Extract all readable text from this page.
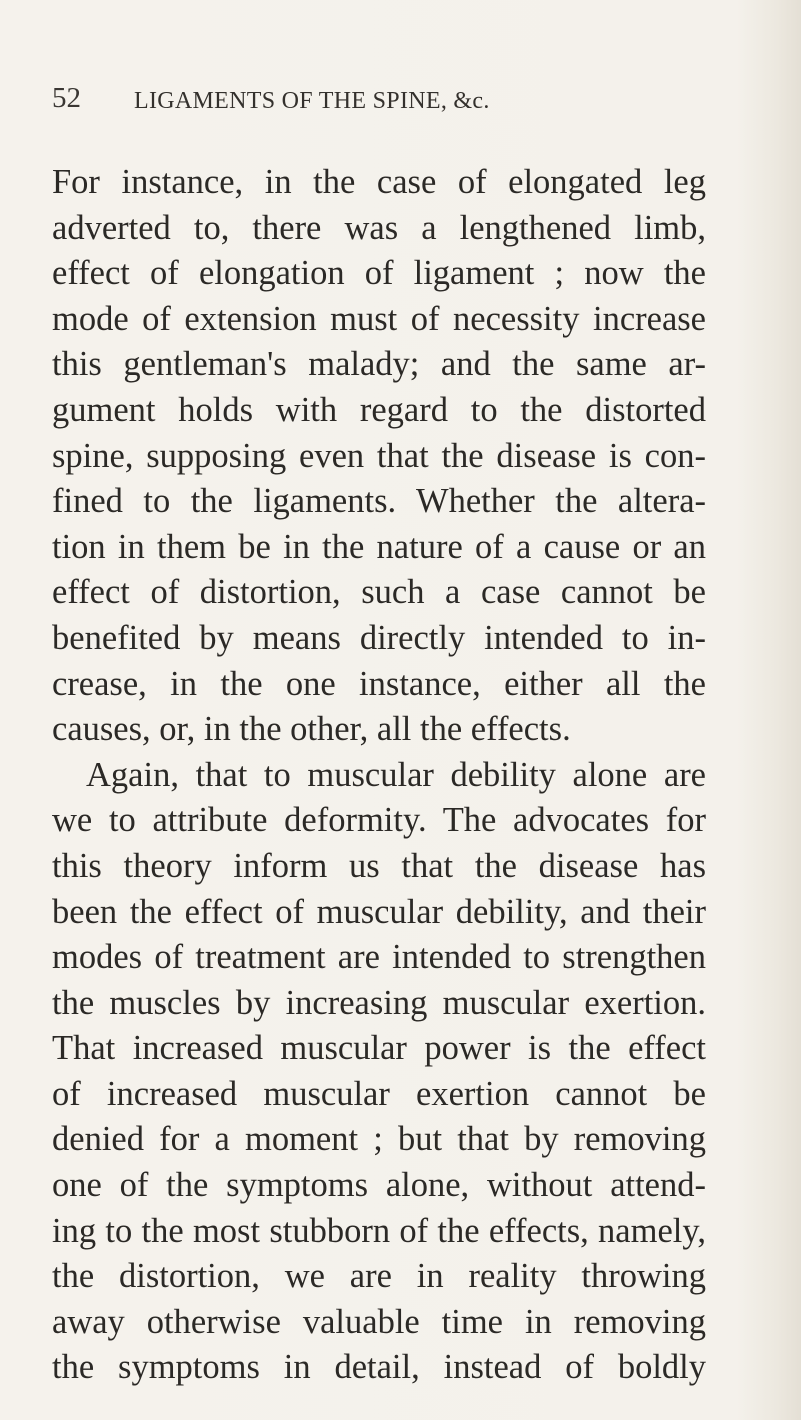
52 LIGAMENTS OF THE SPINE, &c.
For instance, in the case of elongated leg
adverted to, there was a lengthened limb,
effect of elongation of ligament ; now the
mode of extension must of necessity increase
this gentleman's malady; and the same ar-
gument holds with regard to the distorted
spine, supposing even that the disease is con-
fined to the ligaments. Whether the altera-
tion in them be in the nature of a cause or an
effect of distortion, such a case cannot be
benefited by means directly intended to in-
crease, in the one instance, either all the
causes, or, in the other, all the effects.
Again, that to muscular debility alone are
we to attribute deformity. The advocates for
this theory inform us that the disease has
been the effect of muscular debility, and their
modes of treatment are intended to strengthen
the muscles by increasing muscular exertion.
That increased muscular power is the effect
of increased muscular exertion cannot be
denied for a moment ; but that by removing
one of the symptoms alone, without attend-
ing to the most stubborn of the effects, namely,
the distortion, we are in reality throwing
away otherwise valuable time in removing
the symptoms in detail, instead of boldly
